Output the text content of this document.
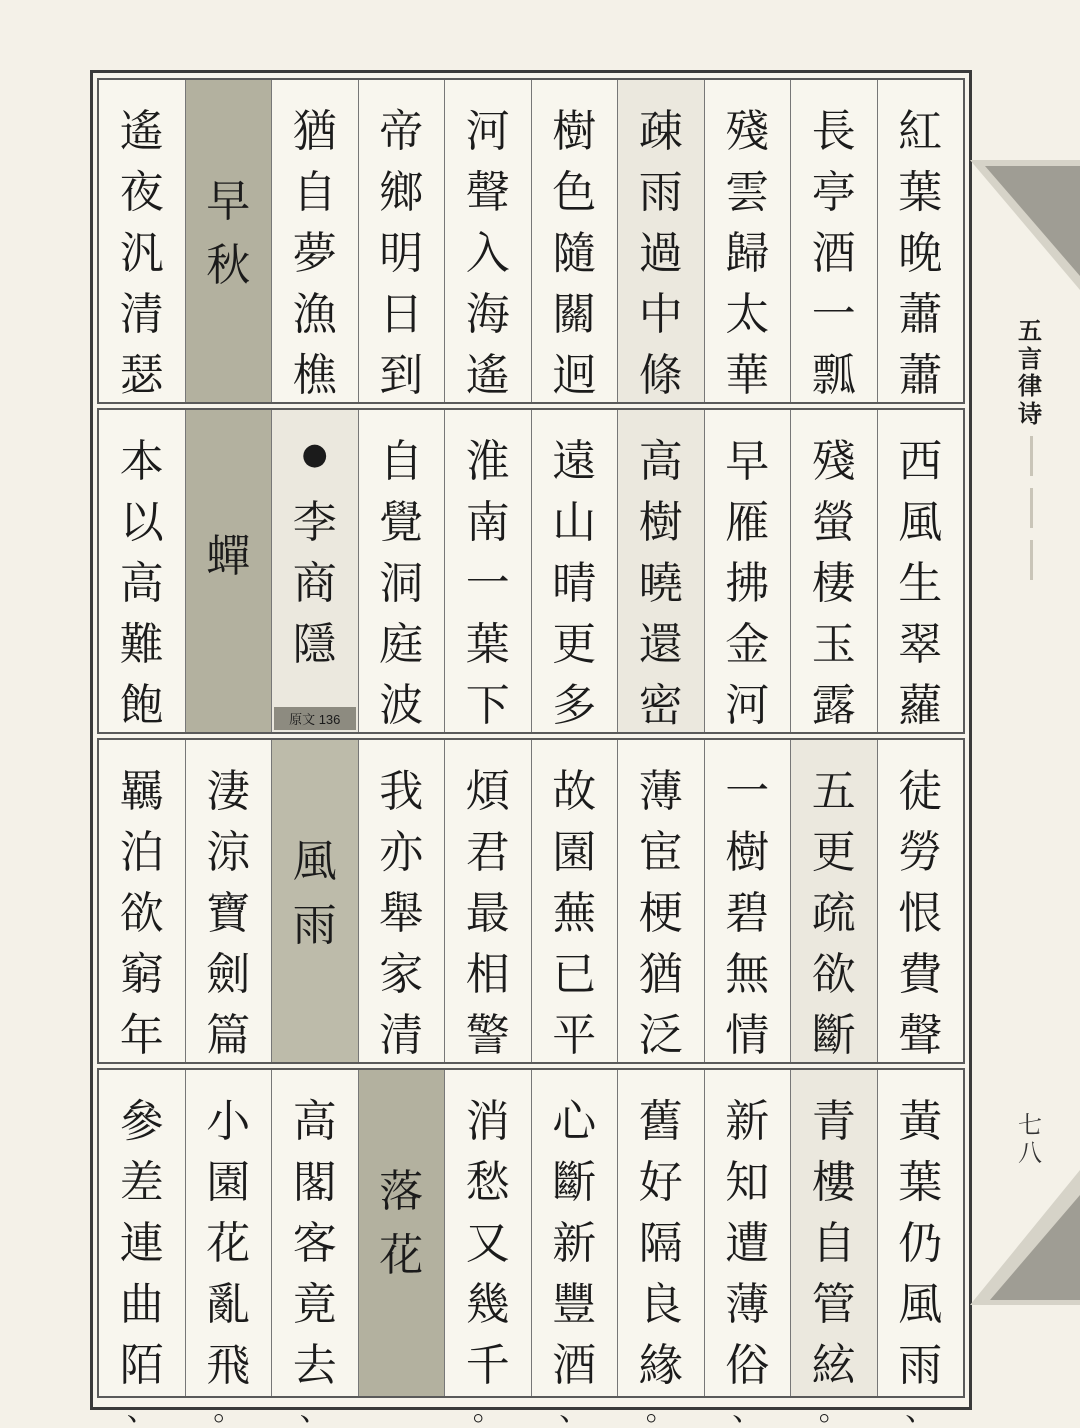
紅
葉
晚
蕭
蕭
長
亭
酒
一
瓢
殘
雲
歸
太
華
疎
雨
過
中
條
樹
色
隨
關
迥
河
聲
入
海
遙
帝
鄉
明
日
到
猶
自
夢
漁
樵
早
秋
遙
夜
汎
清
瑟
西
風
生
翠
蘿
殘
螢
棲
玉
露
早
雁
拂
金
河
高
樹
曉
還
密
遠
山
晴
更
多
淮
南
一
葉
下
自
覺
洞
庭
波
●
李
商
隱
原文 136
蟬
本
以
高
難
飽
徒
勞
恨
費
聲
五
更
疏
欲
斷
一
樹
碧
無
情
薄
宦
梗
猶
泛
故
園
蕪
已
平
煩
君
最
相
警
我
亦
舉
家
清
風
雨
淒
涼
寶
劍
篇
羈
泊
欲
窮
年
黃
葉
仍
風
雨
、
青
樓
自
管
絃
。
新
知
遭
薄
俗
、
舊
好
隔
良
緣
。
心
斷
新
豐
酒
、
消
愁
又
幾
千
。
落
花
高
閣
客
竟
去
、
小
園
花
亂
飛
。
參
差
連
曲
陌
、
五
言
律
诗
七
八
